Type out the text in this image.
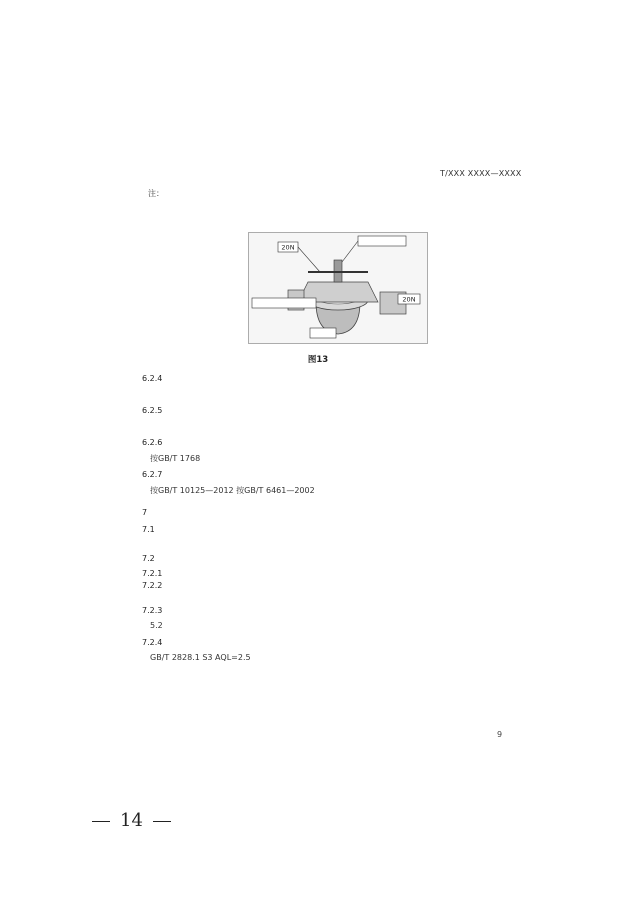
T/XXX XXXX—XXXX
注：
20N
20N
图13
6.2.4
6.2.5
6.2.6
按GB/T 1768
6.2.7
按GB/T 10125—2012 按GB/T 6461—2002
7
7.1
7.2
7.2.1
7.2.2
7.2.3
5.2
7.2.4
GB/T 2828.1 S3 AQL=2.5
9
14
